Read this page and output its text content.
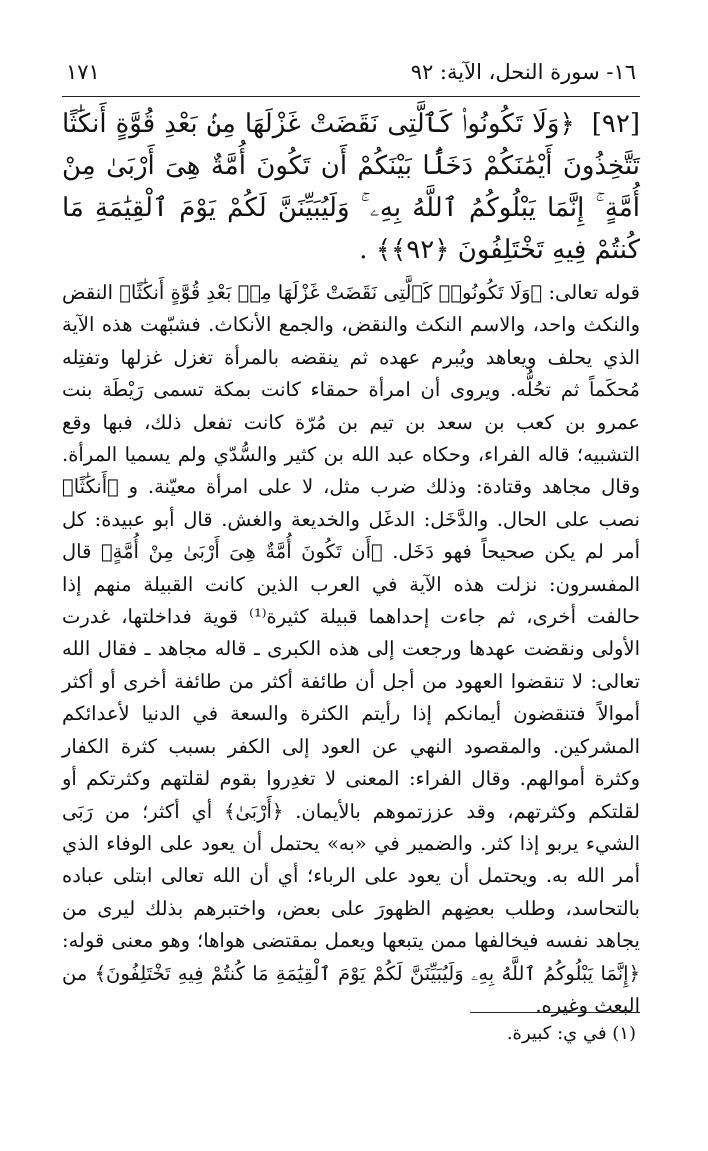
١٦- سورة النحل، الآية: ٩٢
١٧١
[٩٢] ﴿وَلَا تَكُونُوا۟ كَٱلَّتِى نَقَضَتْ غَزْلَهَا مِنۢ بَعْدِ قُوَّةٍ أَنكَٰثًا تَتَّخِذُونَ أَيْمَٰنَكُمْ دَخَلًۢا بَيْنَكُمْ أَن تَكُونَ أُمَّةٌ هِىَ أَرْبَىٰ مِنْ أُمَّةٍ ۚ إِنَّمَا يَبْلُوكُمُ ٱللَّهُ بِهِۦ ۚ وَلَيُبَيِّنَنَّ لَكُمْ يَوْمَ ٱلْقِيَٰمَةِ مَا كُنتُمْ فِيهِ تَخْتَلِفُونَ ﴿٩٢﴾﴾ .

قوله تعالى: ﴿وَلَا تَكُونُوا۟ كَٱلَّتِى نَقَضَتْ غَزْلَهَا مِنۢ بَعْدِ قُوَّةٍ أَنكَٰثًا﴾ النقض والنكث واحد، والاسم النكث والنقض، والجمع الأنكاث. فشبّهت هذه الآية الذي يحلف ويعاهد ويُبرم عهده ثم ينقضه بالمرأة تغزل غزلها وتفتِله مُحكَماً ثم تحُلُّه. ويروى أن امرأة حمقاء كانت بمكة تسمى رَيْطَة بنت عمرو بن كعب بن سعد بن تيم بن مُرّة كانت تفعل ذلك، فبها وقع التشبيه؛ قاله الفراء، وحكاه عبد الله بن كثير والسُّدّي ولم يسميا المرأة. وقال مجاهد وقتادة: وذلك ضرب مثل، لا على امرأة معيّنة. و ﴿أَنكَٰثًا﴾ نصب على الحال. والدَّخَل: الدغَل والخديعة والغش. قال أبو عبيدة: كل أمر لم يكن صحيحاً فهو دَخَل. ﴿أَن تَكُونَ أُمَّةٌ هِىَ أَرْبَىٰ مِنْ أُمَّةٍ﴾ قال المفسرون: نزلت هذه الآية في العرب الذين كانت القبيلة منهم إذا حالفت أخرى، ثم جاءت إحداهما قبيلة كثيرة⁽¹⁾ قوية فداخلتها، غدرت الأولى ونقضت عهدها ورجعت إلى هذه الكبرى ـ قاله مجاهد ـ فقال الله تعالى: لا تنقضوا العهود من أجل أن طائفة أكثر من طائفة أخرى أو أكثر أموالاً فتنقضون أيمانكم إذا رأيتم الكثرة والسعة في الدنيا لأعدائكم المشركين. والمقصود النهي عن العود إلى الكفر بسبب كثرة الكفار وكثرة أموالهم. وقال الفراء: المعنى لا تغدِروا بقوم لقلتهم وكثرتكم أو لقلتكم وكثرتهم، وقد عززتموهم بالأيمان. ﴿أَرْبَىٰ﴾ أي أكثر؛ من رَبَى الشيء يربو إذا كثر. والضمير في «به» يحتمل أن يعود على الوفاء الذي أمر الله به. ويحتمل أن يعود على الرباء؛ أي أن الله تعالى ابتلى عباده بالتحاسد، وطلب بعضِهم الظهورَ على بعض، واختبرهم بذلك ليرى من يجاهد نفسه فيخالفها ممن يتبعها ويعمل بمقتضى هواها؛ وهو معنى قوله: ﴿إِنَّمَا يَبْلُوكُمُ ٱللَّهُ بِهِۦ وَلَيُبَيِّنَنَّ لَكُمْ يَوْمَ ٱلْقِيَٰمَةِ مَا كُنتُمْ فِيهِ تَخْتَلِفُونَ﴾ من البعث وغيره.

(١) في ي: كبيرة.
